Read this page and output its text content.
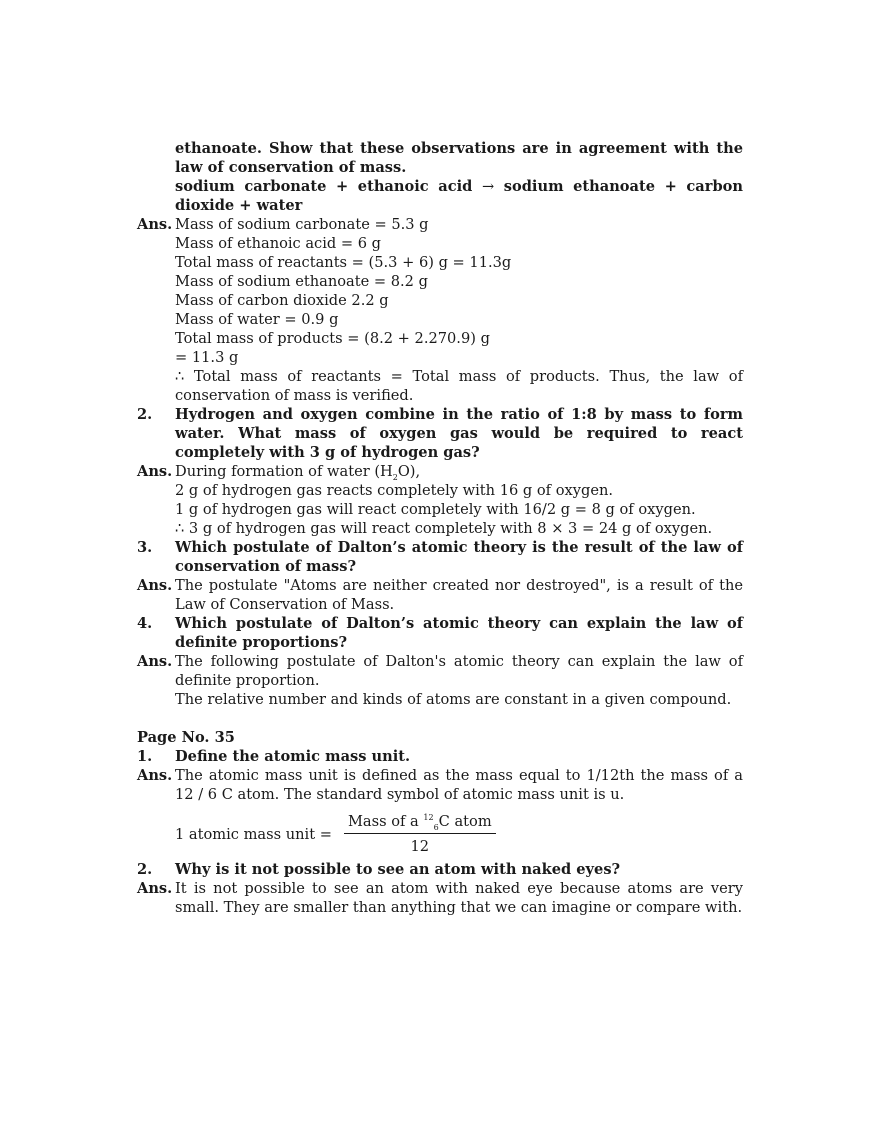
ethanoate. Show that these observations are in agreement with the law of conservation of mass.
sodium carbonate + ethanoic acid → sodium ethanoate + carbon dioxide + water
Ans. Mass of sodium carbonate = 5.3 g
Mass of ethanoic acid = 6 g
Total mass of reactants = (5.3 + 6) g = 11.3g
Mass of sodium ethanoate = 8.2 g
Mass of carbon dioxide 2.2 g
Mass of water = 0.9 g
Total mass of products = (8.2 + 2.270.9) g
= 11.3 g
∴ Total mass of reactants = Total mass of products. Thus, the law of conservation of mass is verified.
2.	Hydrogen and oxygen combine in the ratio of 1:8 by mass to form water. What mass of oxygen gas would be required to react completely with 3 g of hydrogen gas?
Ans. During formation of water $(H_2O)$,
2 g of hydrogen gas reacts completely with 16 g of oxygen.
1 g of hydrogen gas will react completely with 16/2 g = 8 g of oxygen.
∴ 3 g of hydrogen gas will react completely with 8 × 3 = 24 g of oxygen.
3.	Which postulate of Dalton’s atomic theory is the result of the law of conservation of mass?
Ans. The postulate "Atoms are neither created nor destroyed", is a result of the Law of Conservation of Mass.
4.	Which postulate of Dalton’s atomic theory can explain the law of definite proportions?
Ans. The following postulate of Dalton's atomic theory can explain the law of definite proportion.
The relative number and kinds of atoms are constant in a given compound.
Page No. 35
1.	Define the atomic mass unit.
Ans. The atomic mass unit is defined as the mass equal to 1/12th the mass of a 12 / 6 C atom. The standard symbol of atomic mass unit is u.
1 atomic mass unit = $\frac{Mass of a ^{12}_6C atom}{12}$
2.	Why is it not possible to see an atom with naked eyes?
Ans. It is not possible to see an atom with naked eye because atoms are very small. They are smaller than anything that we can imagine or compare with.
